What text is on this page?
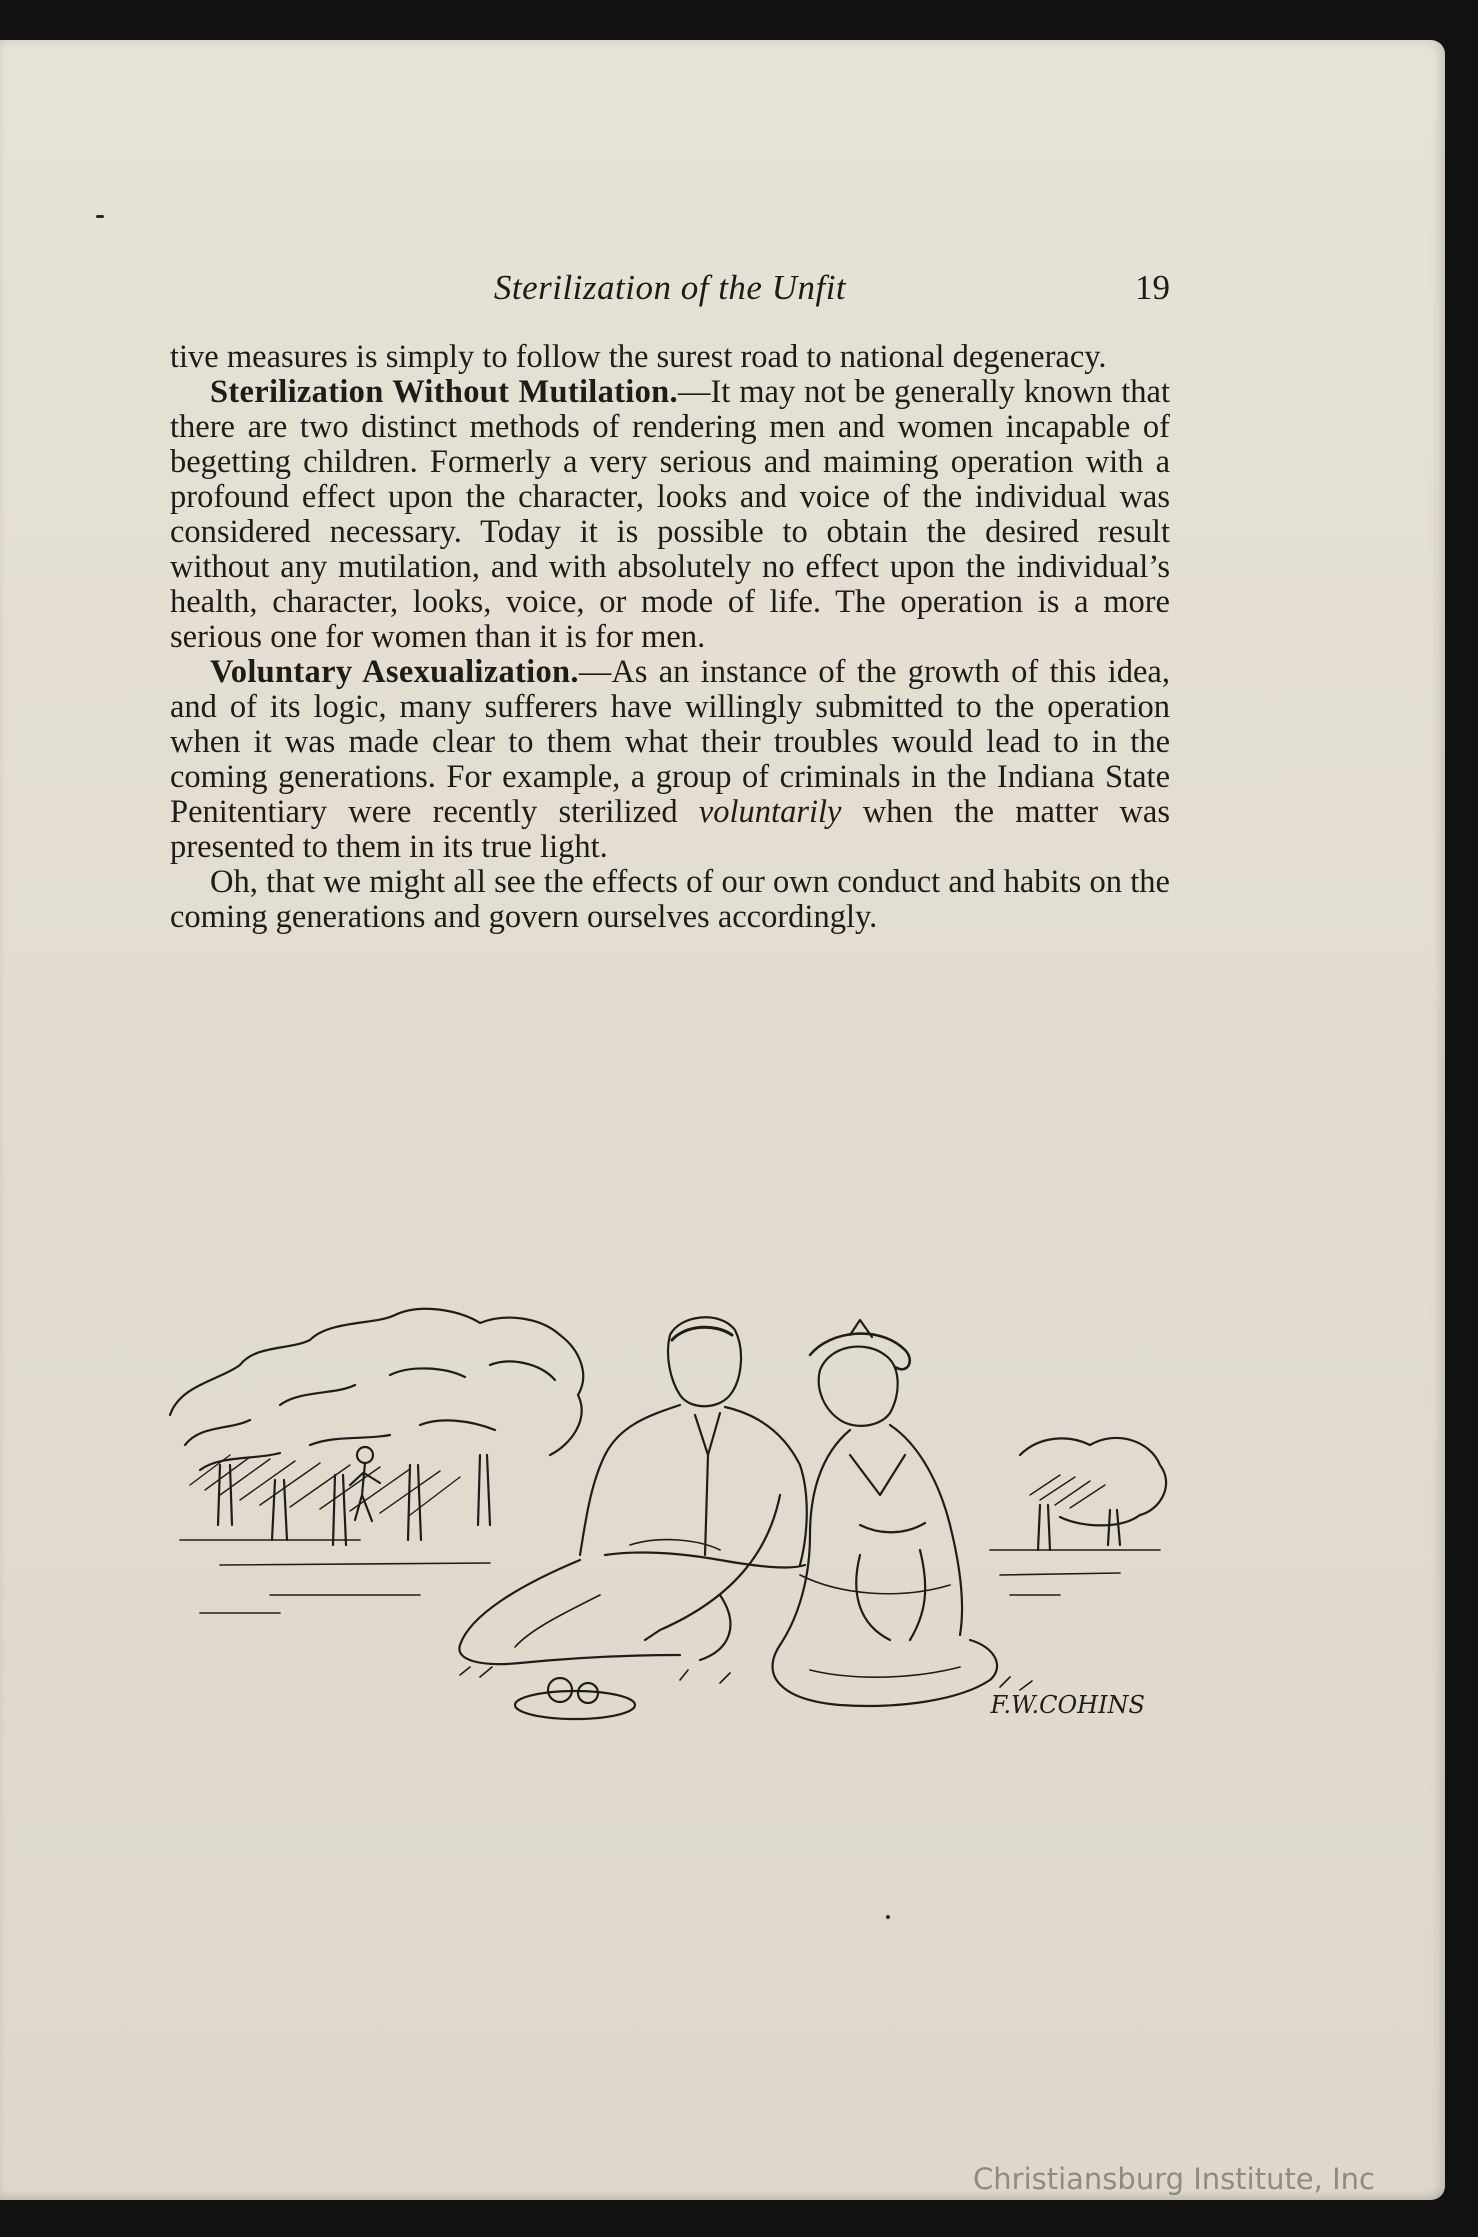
Sterilization of the Unfit	19

tive measures is simply to follow the surest road to national degeneracy.

Sterilization Without Mutilation.—It may not be generally known that there are two distinct methods of rendering men and women incapable of begetting children. Formerly a very serious and maiming operation with a profound effect upon the character, looks and voice of the individual was considered necessary. Today it is possible to obtain the desired result without any mutilation, and with absolutely no effect upon the individual’s health, character, looks, voice, or mode of life. The operation is a more serious one for women than it is for men.

Voluntary Asexualization.—As an instance of the growth of this idea, and of its logic, many sufferers have willingly submitted to the operation when it was made clear to them what their troubles would lead to in the coming generations. For example, a group of criminals in the Indiana State Penitentiary were recently sterilized voluntarily when the matter was presented to them in its true light.

Oh, that we might all see the effects of our own conduct and habits on the coming generations and govern ourselves accordingly.

F.W.COHINS
Christiansburg Institute, Inc
